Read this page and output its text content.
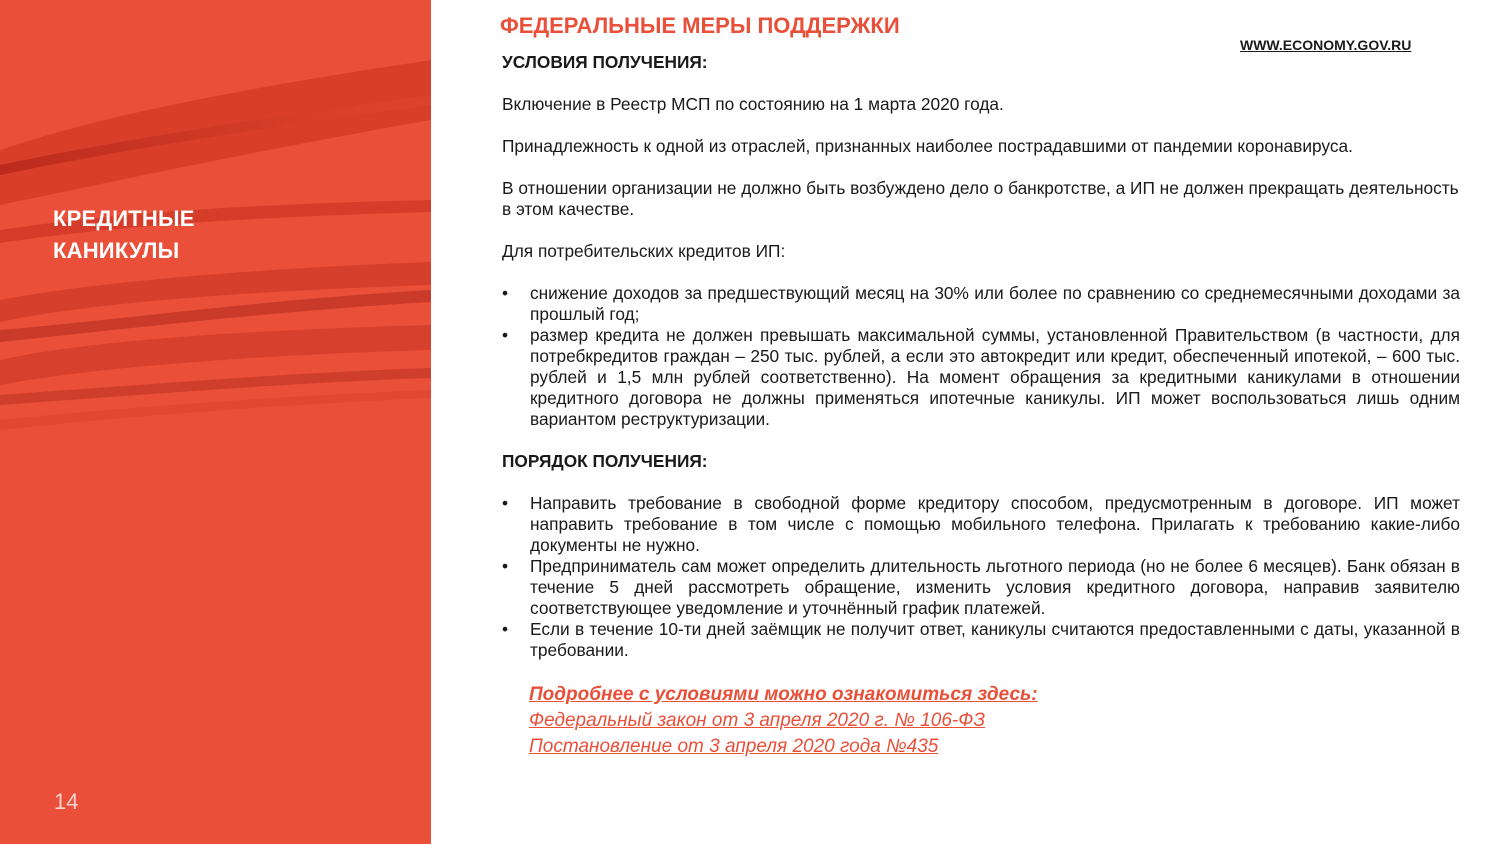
КРЕДИТНЫЕ
КАНИКУЛЫ
14
ФЕДЕРАЛЬНЫЕ МЕРЫ ПОДДЕРЖКИ
WWW.ECONOMY.GOV.RU

УСЛОВИЯ ПОЛУЧЕНИЯ:

Включение в Реестр МСП по состоянию на 1 марта 2020 года.

Принадлежность к одной из отраслей, признанных наиболее пострадавшими от пандемии коронавируса.

В отношении организации не должно быть возбуждено дело о банкротстве, а ИП не должен прекращать деятельность в этом качестве.

Для потребительских кредитов ИП:

• снижение доходов за предшествующий месяц на 30% или более по сравнению со среднемесячными доходами за прошлый год;
• размер кредита не должен превышать максимальной суммы, установленной Правительством (в частности, для потребкредитов граждан – 250 тыс. рублей, а если это автокредит или кредит, обеспеченный ипотекой, – 600 тыс. рублей и 1,5 млн рублей соответственно). На момент обращения за кредитными каникулами в отношении кредитного договора не должны применяться ипотечные каникулы. ИП может воспользоваться лишь одним вариантом реструктуризации.

ПОРЯДОК ПОЛУЧЕНИЯ:

• Направить требование в свободной форме кредитору способом, предусмотренным в договоре. ИП может направить требование в том числе с помощью мобильного телефона. Прилагать к требованию какие-либо документы не нужно.
• Предприниматель сам может определить длительность льготного периода (но не более 6 месяцев). Банк обязан в течение 5 дней рассмотреть обращение, изменить условия кредитного договора, направив заявителю соответствующее уведомление и уточнённый график платежей.
• Если в течение 10-ти дней заёмщик не получит ответ, каникулы считаются предоставленными с даты, указанной в требовании.
Подробнее с условиями можно ознакомиться здесь:
Федеральный закон от 3 апреля 2020 г. № 106-ФЗ
Постановление от 3 апреля 2020 года №435
